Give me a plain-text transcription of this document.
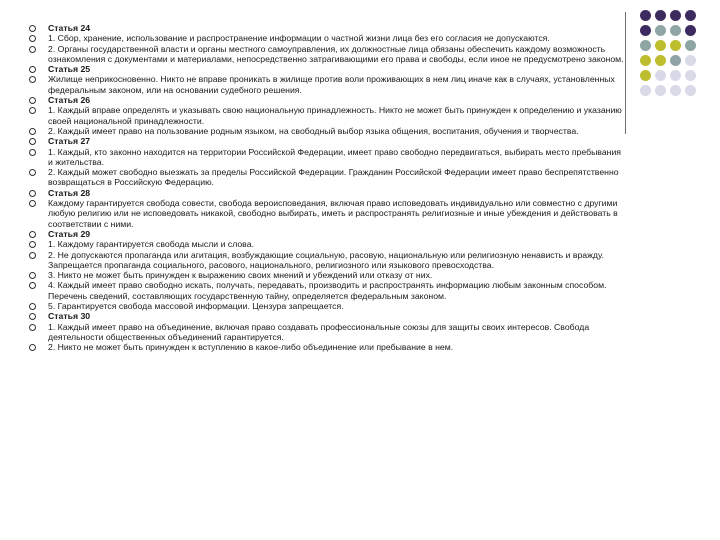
Статья 24
1. Сбор, хранение, использование и распространение информации о частной жизни лица без его согласия не допускаются.
2. Органы государственной власти и органы местного самоуправления, их должностные лица обязаны обеспечить каждому возможность ознакомления с документами и материалами, непосредственно затрагивающими его права и свободы, если иное не предусмотрено законом.
Статья 25
Жилище неприкосновенно. Никто не вправе проникать в жилище против воли проживающих в нем лиц иначе как в случаях, установленных федеральным законом, или на основании судебного решения.
Статья 26
1. Каждый вправе определять и указывать свою национальную принадлежность. Никто не может быть принужден к определению и указанию своей национальной принадлежности.
2. Каждый имеет право на пользование родным языком, на свободный выбор языка общения, воспитания, обучения и творчества.
Статья 27
1. Каждый, кто законно находится на территории Российской Федерации, имеет право свободно передвигаться, выбирать место пребывания и жительства.
2. Каждый может свободно выезжать за пределы Российской Федерации. Гражданин Российской Федерации имеет право беспрепятственно возвращаться в Российскую Федерацию.
Статья 28
Каждому гарантируется свобода совести, свобода вероисповедания, включая право исповедовать индивидуально или совместно с другими любую религию или не исповедовать никакой, свободно выбирать, иметь и распространять религиозные и иные убеждения и действовать в соответствии с ними.
Статья 29
1. Каждому гарантируется свобода мысли и слова.
2. Не допускаются пропаганда или агитация, возбуждающие социальную, расовую, национальную или религиозную ненависть и вражду. Запрещается пропаганда социального, расового, национального, религиозного или языкового превосходства.
3. Никто не может быть принужден к выражению своих мнений и убеждений или отказу от них.
4. Каждый имеет право свободно искать, получать, передавать, производить и распространять информацию любым законным способом. Перечень сведений, составляющих государственную тайну, определяется федеральным законом.
5. Гарантируется свобода массовой информации. Цензура запрещается.
Статья 30
1. Каждый имеет право на объединение, включая право создавать профессиональные союзы для защиты своих интересов. Свобода деятельности общественных объединений гарантируется.
2. Никто не может быть принужден к вступлению в какое-либо объединение или пребывание в нем.
